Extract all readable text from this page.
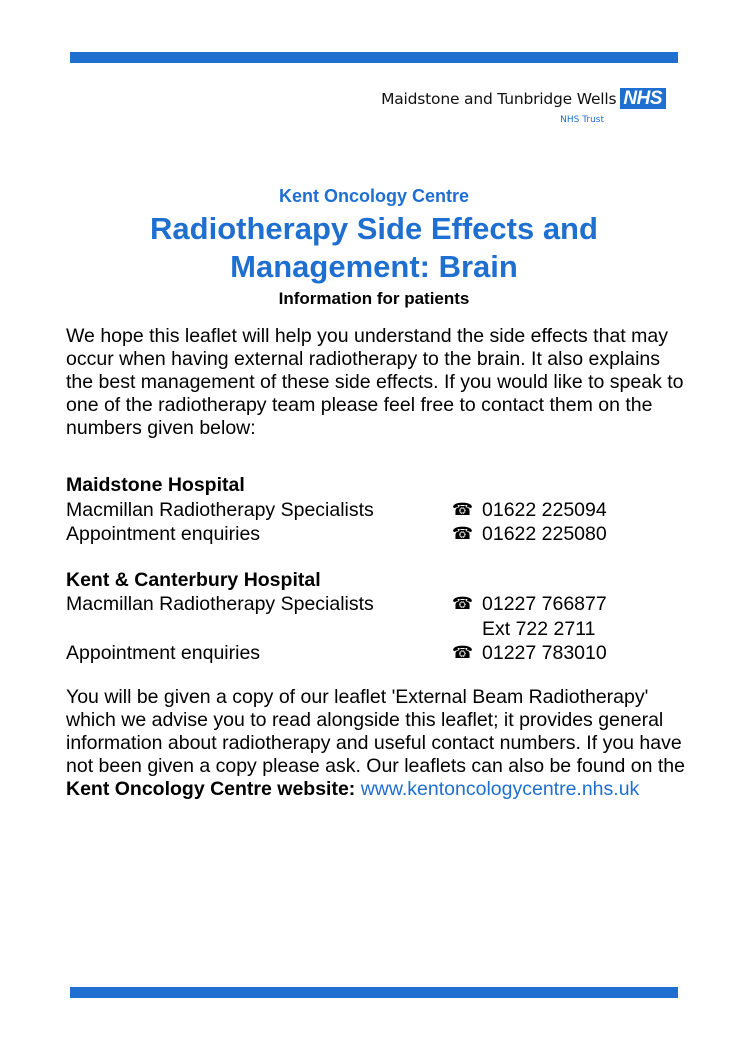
Maidstone and Tunbridge Wells NHS
NHS Trust
Kent Oncology Centre
Radiotherapy Side Effects and
Management: Brain
Information for patients
We hope this leaflet will help you understand the side effects that may occur when having external radiotherapy to the brain. It also explains the best management of these side effects. If you would like to speak to one of the radiotherapy team please feel free to contact them on the numbers given below:
Maidstone Hospital
Macmillan Radiotherapy Specialists	☎ 01622 225094
Appointment enquiries	☎ 01622 225080
Kent & Canterbury Hospital
Macmillan Radiotherapy Specialists	☎ 01227 766877
Ext 722 2711
Appointment enquiries	☎ 01227 783010
You will be given a copy of our leaflet 'External Beam Radiotherapy' which we advise you to read alongside this leaflet; it provides general information about radiotherapy and useful contact numbers. If you have not been given a copy please ask. Our leaflets can also be found on the Kent Oncology Centre website: www.kentoncologycentre.nhs.uk
